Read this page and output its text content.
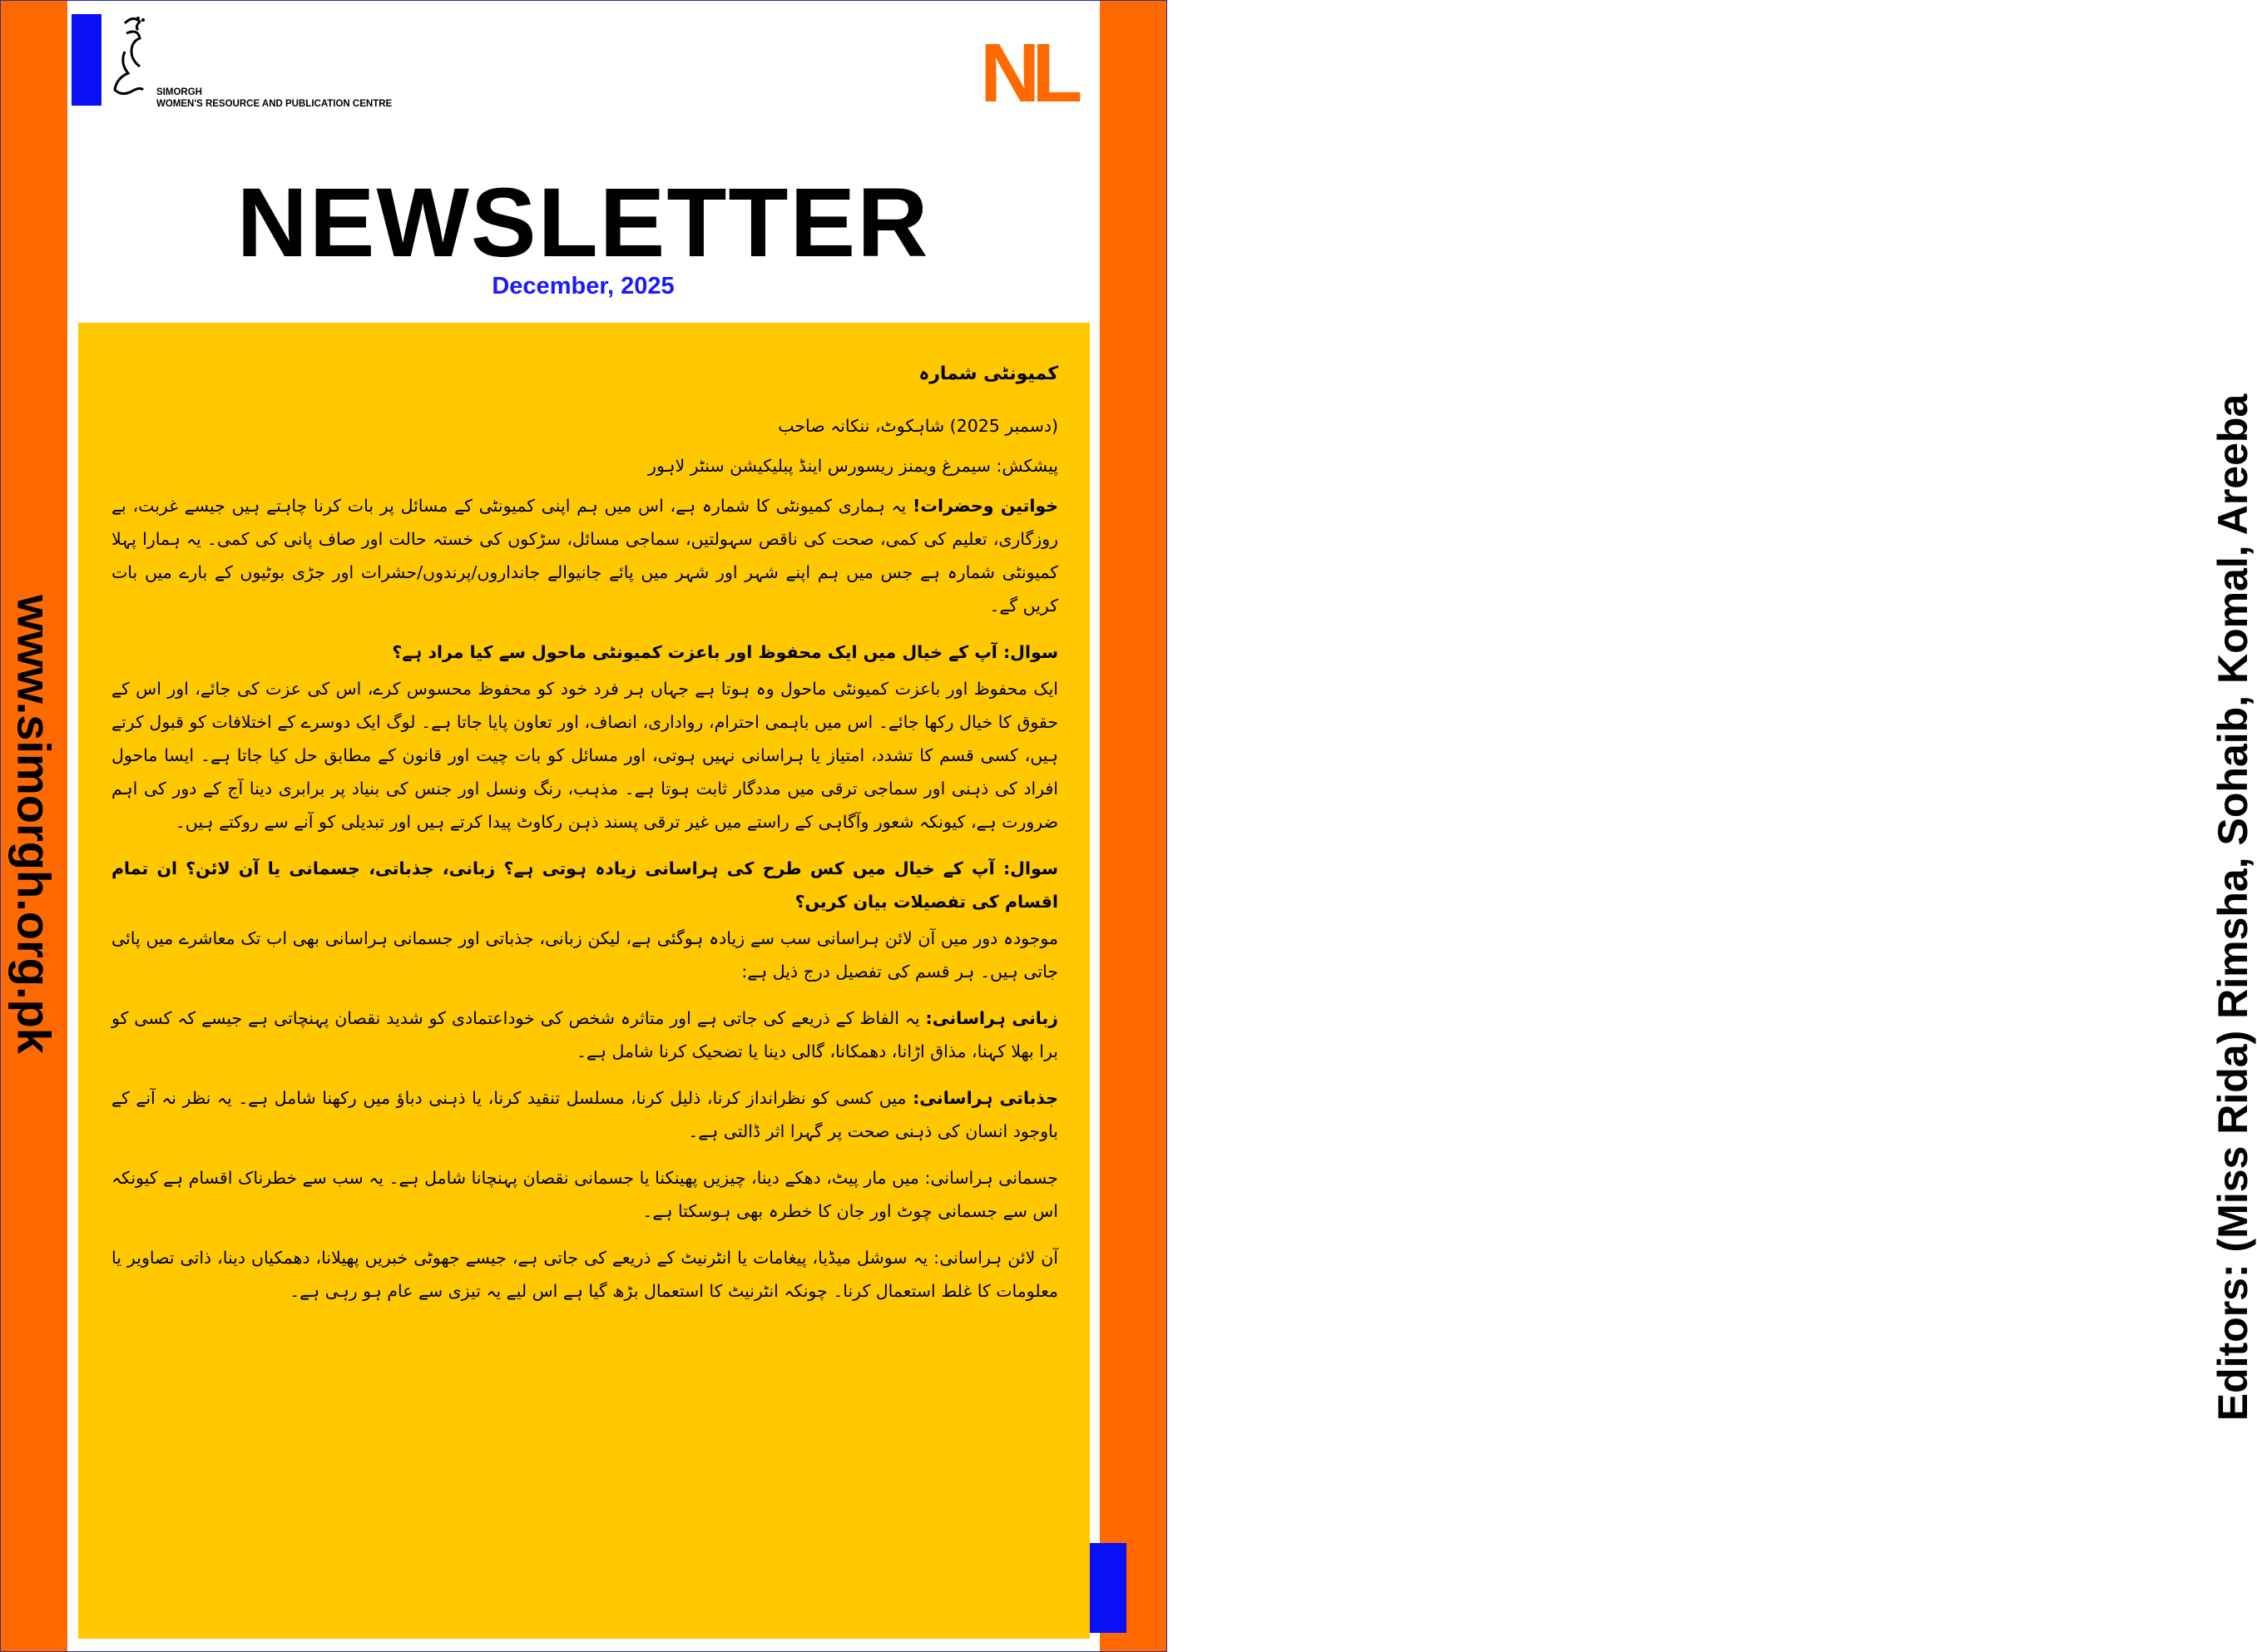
www.simorgh.org.pk	Editors: (Miss Rida) Rimsha, Sohaib, Komal, Areeba
SIMORGH
WOMEN'S RESOURCE AND PUBLICATION CENTRE	NL
NEWSLETTER
December, 2025

کمیونٹی شمارہ

(دسمبر 2025) شاہکوٹ، ننکانہ صاحب

پیشکش: سیمرغ ویمنز ریسورس اینڈ پبلیکیشن سنٹر لاہور

خواتین وحضرات! یہ ہماری کمیونٹی کا شمارہ ہے، اس میں ہم اپنی کمیونٹی کے مسائل پر بات کرنا چاہتے ہیں جیسے غربت، بے روزگاری، تعلیم کی کمی، صحت کی ناقص سہولتیں، سماجی مسائل، سڑکوں کی خستہ حالت اور صاف پانی کی کمی۔ یہ ہمارا پہلا کمیونٹی شمارہ ہے جس میں ہم اپنے شہر اور شہر میں پائے جانیوالے جانداروں/پرندوں/حشرات اور جڑی بوٹیوں کے بارے میں بات کریں گے۔

سوال: آپ کے خیال میں ایک محفوظ اور باعزت کمیونٹی ماحول سے کیا مراد ہے؟

ایک محفوظ اور باعزت کمیونٹی ماحول وہ ہوتا ہے جہاں ہر فرد خود کو محفوظ محسوس کرے، اس کی عزت کی جائے، اور اس کے حقوق کا خیال رکھا جائے۔ اس میں باہمی احترام، رواداری، انصاف، اور تعاون پایا جاتا ہے۔ لوگ ایک دوسرے کے اختلافات کو قبول کرتے ہیں، کسی قسم کا تشدد، امتیاز یا ہراسانی نہیں ہوتی، اور مسائل کو بات چیت اور قانون کے مطابق حل کیا جاتا ہے۔ ایسا ماحول افراد کی ذہنی اور سماجی ترقی میں مددگار ثابت ہوتا ہے۔ مذہب، رنگ ونسل اور جنس کی بنیاد پر برابری دینا آج کے دور کی اہم ضرورت ہے، کیونکہ شعور وآگاہی کے راستے میں غیر ترقی پسند ذہن رکاوٹ پیدا کرتے ہیں اور تبدیلی کو آنے سے روکتے ہیں۔

سوال: آپ کے خیال میں کس طرح کی ہراسانی زیادہ ہوتی ہے؟ زبانی، جذباتی، جسمانی یا آن لائن؟ ان تمام اقسام کی تفصیلات بیان کریں؟

موجودہ دور میں آن لائن ہراسانی سب سے زیادہ ہوگئی ہے، لیکن زبانی، جذباتی اور جسمانی ہراسانی بھی اب تک معاشرے میں پائی جاتی ہیں۔ ہر قسم کی تفصیل درج ذیل ہے:

زبانی ہراسانی: یہ الفاظ کے ذریعے کی جاتی ہے اور متاثرہ شخص کی خوداعتمادی کو شدید نقصان پہنچاتی ہے جیسے کہ کسی کو برا بھلا کہنا، مذاق اڑانا، دھمکانا، گالی دینا یا تضحیک کرنا شامل ہے۔

جذباتی ہراسانی: میں کسی کو نظرانداز کرنا، ذلیل کرنا، مسلسل تنقید کرنا، یا ذہنی دباؤ میں رکھنا شامل ہے۔ یہ نظر نہ آنے کے باوجود انسان کی ذہنی صحت پر گہرا اثر ڈالتی ہے۔

جسمانی ہراسانی: میں مار پیٹ، دھکے دینا، چیزیں پھینکنا یا جسمانی نقصان پہنچانا شامل ہے۔ یہ سب سے خطرناک اقسام ہے کیونکہ اس سے جسمانی چوٹ اور جان کا خطرہ بھی ہوسکتا ہے۔

آن لائن ہراسانی: یہ سوشل میڈیا، پیغامات یا انٹرنیٹ کے ذریعے کی جاتی ہے، جیسے جھوٹی خبریں پھیلانا، دھمکیاں دینا، ذاتی تصاویر یا معلومات کا غلط استعمال کرنا۔ چونکہ انٹرنیٹ کا استعمال بڑھ گیا ہے اس لیے یہ تیزی سے عام ہو رہی ہے۔
